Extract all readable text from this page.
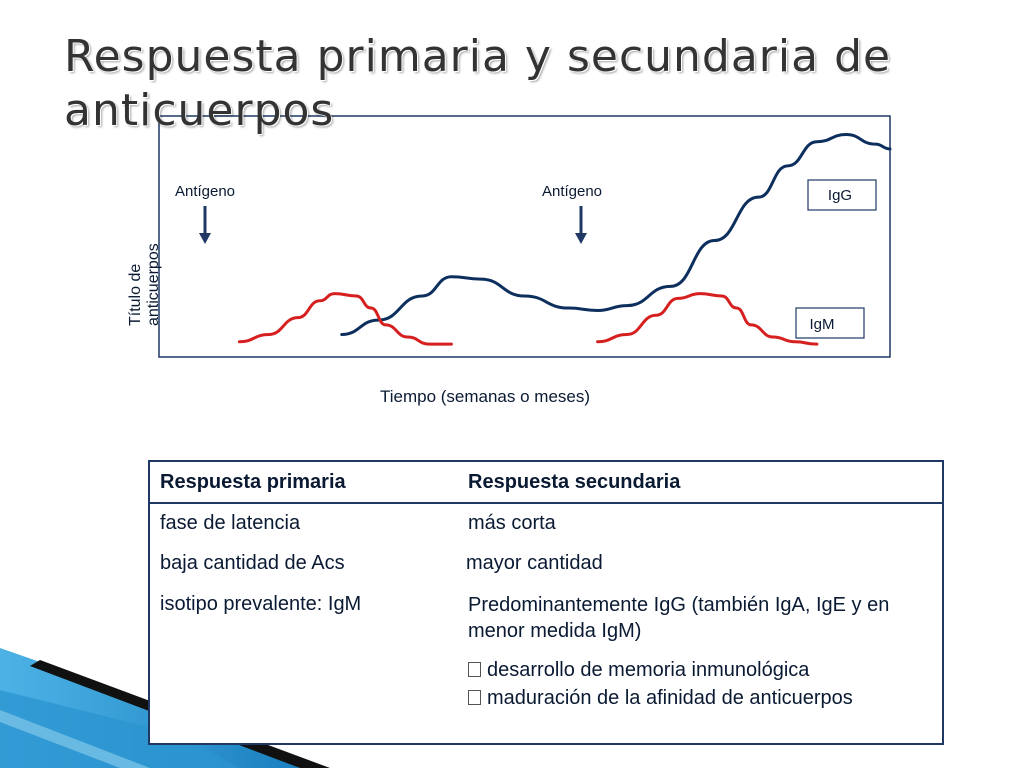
Respuesta primaria y secundaria de anticuerpos
Título deanticuerpos
Tiempo (semanas o meses)
Antígeno	Antígeno	IgG
IgM
Respuesta primaria	Respuesta secundaria
fase de latencia	más corta
baja cantidad de Acs	mayor cantidad
isotipo prevalente: IgM	Predominantemente IgG (también IgA, IgE y en menor medida IgM)
desarrollo de memoria inmunológica
maduración de la afinidad de anticuerpos
